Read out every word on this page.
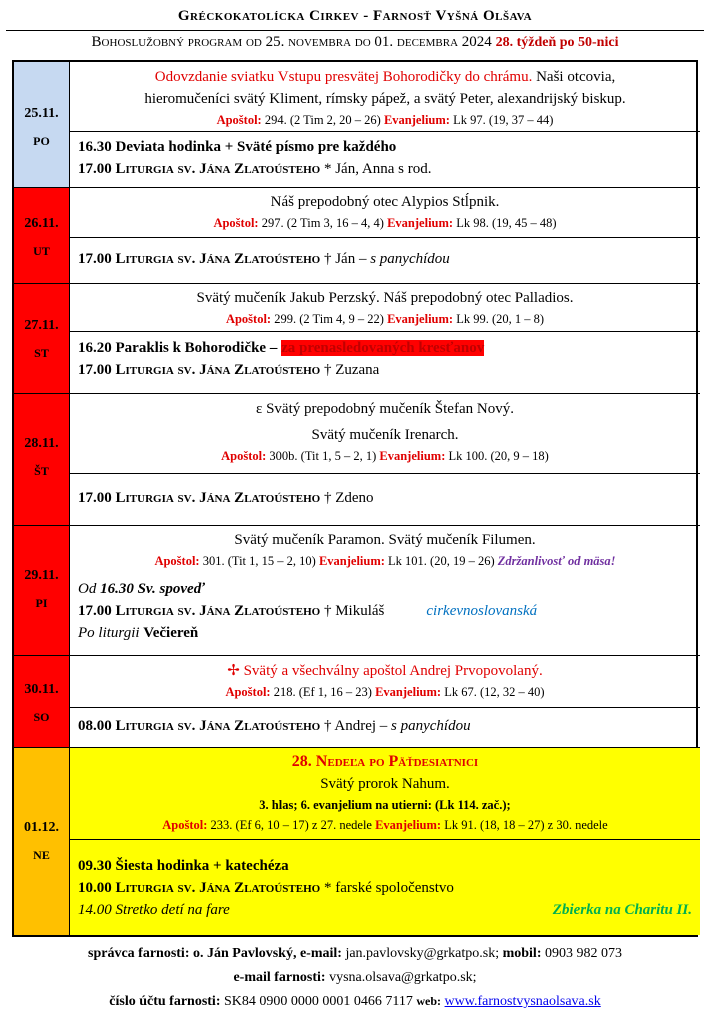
Gréckokatolícka Cirkev - Farnosť Vyšná Olšava
Bohoslužobný program od 25. novembra do 01. decembra 2024 28. týždeň po 50-nici
25.11.
PO
Odovzdanie sviatku Vstupu presvätej Bohorodičky do chrámu. Naši otcovia,
hieromučeníci svätý Kliment, rímsky pápež, a svätý Peter, alexandrijský biskup.
Apoštol: 294. (2 Tim 2, 20 – 26) Evanjelium: Lk 97. (19, 37 – 44)
16.30 Deviata hodinka + Sväté písmo pre každého
17.00 Liturgia sv. Jána Zlatoústeho * Ján, Anna s rod.
26.11.
UT
Náš prepodobný otec Alypios Stĺpnik.
Apoštol: 297. (2 Tim 3, 16 – 4, 4) Evanjelium: Lk 98. (19, 45 – 48)
17.00 Liturgia sv. Jána Zlatoústeho † Ján – s panychídou
27.11.
ST
Svätý mučeník Jakub Perzský. Náš prepodobný otec Palladios.
Apoštol: 299. (2 Tim 4, 9 – 22) Evanjelium: Lk 99. (20, 1 – 8)
16.20 Paraklis k Bohorodičke – za prenasledovaných kresťanov
17.00 Liturgia sv. Jána Zlatoústeho † Zuzana
28.11.
ŠT
ɛ Svätý prepodobný mučeník Štefan Nový.
Svätý mučeník Irenarch.
Apoštol: 300b. (Tit 1, 5 – 2, 1) Evanjelium: Lk 100. (20, 9 – 18)
17.00 Liturgia sv. Jána Zlatoústeho † Zdeno
29.11.
PI
Svätý mučeník Paramon. Svätý mučeník Filumen.
Apoštol: 301. (Tit 1, 15 – 2, 10) Evanjelium: Lk 101. (20, 19 – 26) Zdržanlivosť od mäsa!
Od 16.30 Sv. spoveď
17.00 Liturgia sv. Jána Zlatoústeho † Mikuláš	cirkevnoslovanská
Po liturgii Večiereň
30.11.
SO
✢ Svätý a všechválny apoštol Andrej Prvopovolaný.
Apoštol: 218. (Ef 1, 16 – 23) Evanjelium: Lk 67. (12, 32 – 40)
08.00 Liturgia sv. Jána Zlatoústeho † Andrej – s panychídou
01.12.
NE
28. Nedeľa po Päťdesiatnici
Svätý prorok Nahum.
3. hlas; 6. evanjelium na utierni: (Lk 114. zač.);
Apoštol: 233. (Ef 6, 10 – 17) z 27. nedele Evanjelium: Lk 91. (18, 18 – 27) z 30. nedele
09.30 Šiesta hodinka + katechéza
10.00 Liturgia sv. Jána Zlatoústeho * farské spoločenstvo
14.00 Stretko detí na fare	Zbierka na Charitu II.
správca farnosti: o. Ján Pavlovský, e-mail: jan.pavlovsky@grkatpo.sk; mobil: 0903 982 073
e-mail farnosti: vysna.olsava@grkatpo.sk;
číslo účtu farnosti: SK84 0900 0000 0001 0466 7117 web: www.farnostvysnaolsava.sk
